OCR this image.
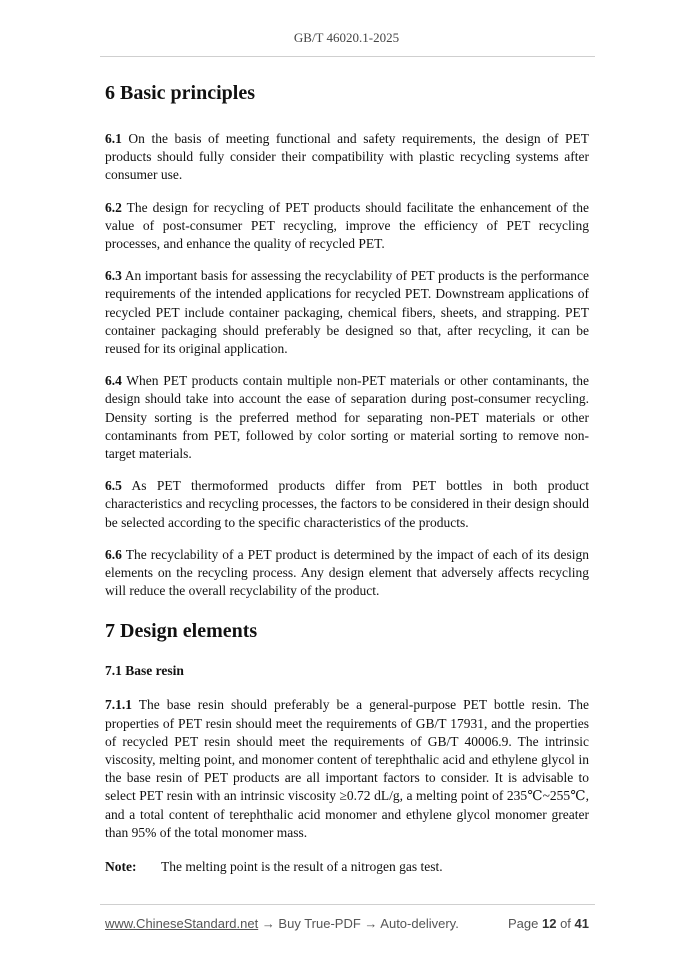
GB/T 46020.1-2025
6 Basic principles

6.1 On the basis of meeting functional and safety requirements, the design of PET products should fully consider their compatibility with plastic recycling systems after consumer use.

6.2 The design for recycling of PET products should facilitate the enhancement of the value of post-consumer PET recycling, improve the efficiency of PET recycling processes, and enhance the quality of recycled PET.

6.3 An important basis for assessing the recyclability of PET products is the performance requirements of the intended applications for recycled PET. Downstream applications of recycled PET include container packaging, chemical fibers, sheets, and strapping. PET container packaging should preferably be designed so that, after recycling, it can be reused for its original application.

6.4 When PET products contain multiple non-PET materials or other contaminants, the design should take into account the ease of separation during post-consumer recycling. Density sorting is the preferred method for separating non-PET materials or other contaminants from PET, followed by color sorting or material sorting to remove non-target materials.

6.5 As PET thermoformed products differ from PET bottles in both product characteristics and recycling processes, the factors to be considered in their design should be selected according to the specific characteristics of the products.

6.6 The recyclability of a PET product is determined by the impact of each of its design elements on the recycling process. Any design element that adversely affects recycling will reduce the overall recyclability of the product.

7 Design elements
7.1 Base resin

7.1.1 The base resin should preferably be a general-purpose PET bottle resin. The properties of PET resin should meet the requirements of GB/T 17931, and the properties of recycled PET resin should meet the requirements of GB/T 40006.9. The intrinsic viscosity, melting point, and monomer content of terephthalic acid and ethylene glycol in the base resin of PET products are all important factors to consider. It is advisable to select PET resin with an intrinsic viscosity ≥0.72 dL/g, a melting point of 235℃~255℃, and a total content of terephthalic acid monomer and ethylene glycol monomer greater than 95% of the total monomer mass.

Note:	The melting point is the result of a nitrogen gas test.
www.ChineseStandard.net → Buy True-PDF → Auto-delivery.	Page 12 of 41
